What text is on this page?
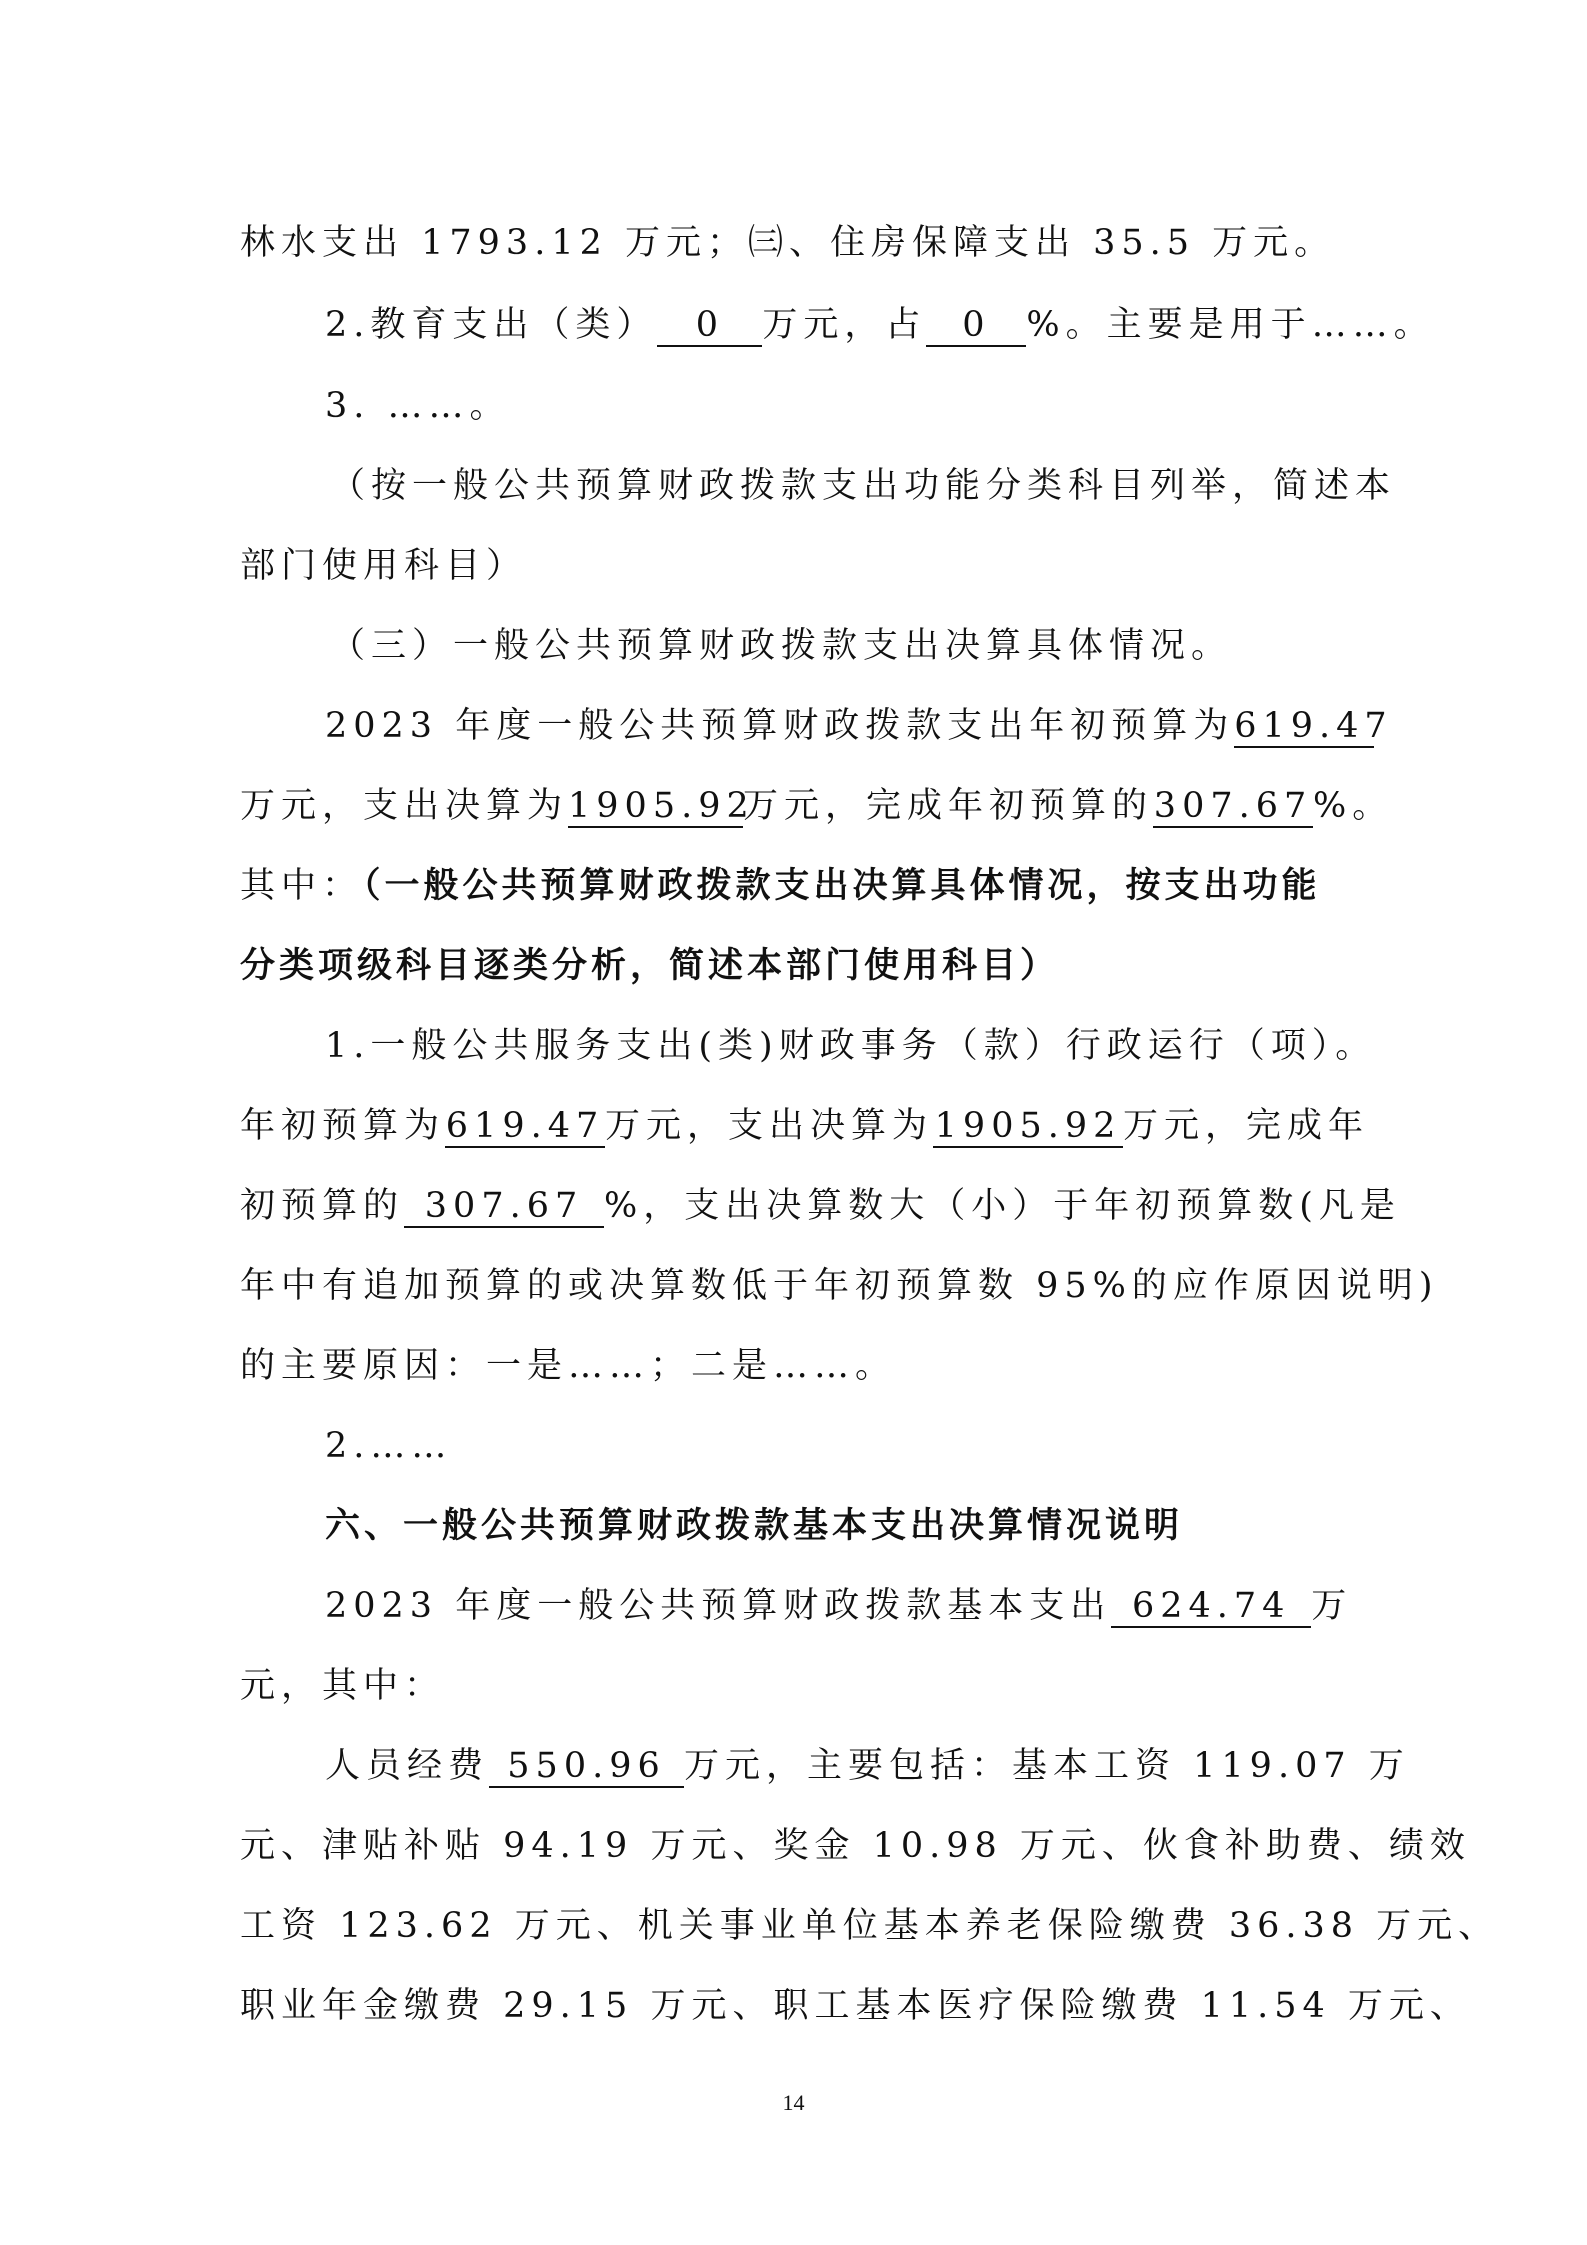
林水支出 1793.12 万元；㈢、住房保障支出 35.5 万元。
2.教育支出（类） 0 万元，占 0 %。主要是用于……。
3. ……。
（按一般公共预算财政拨款支出功能分类科目列举，简述本
部门使用科目）
（三）一般公共预算财政拨款支出决算具体情况。
2023 年度一般公共预算财政拨款支出年初预算为619.47
万元，支出决算为1905.92万元，完成年初预算的307.67%。
其中：（一般公共预算财政拨款支出决算具体情况，按支出功能
分类项级科目逐类分析，简述本部门使用科目）
1.一般公共服务支出(类)财政事务（款）行政运行（项）。
年初预算为619.47万元，支出决算为1905.92万元，完成年
初预算的 307.67 %，支出决算数大（小）于年初预算数(凡是
年中有追加预算的或决算数低于年初预算数 95%的应作原因说明)
的主要原因：一是……；二是……。
2.……
六、一般公共预算财政拨款基本支出决算情况说明
2023 年度一般公共预算财政拨款基本支出 624.74 万
元，其中：
人员经费 550.96 万元，主要包括：基本工资 119.07 万
元、津贴补贴 94.19 万元、奖金 10.98 万元、伙食补助费、绩效
工资 123.62 万元、机关事业单位基本养老保险缴费 36.38 万元、
职业年金缴费 29.15 万元、职工基本医疗保险缴费 11.54 万元、
14
